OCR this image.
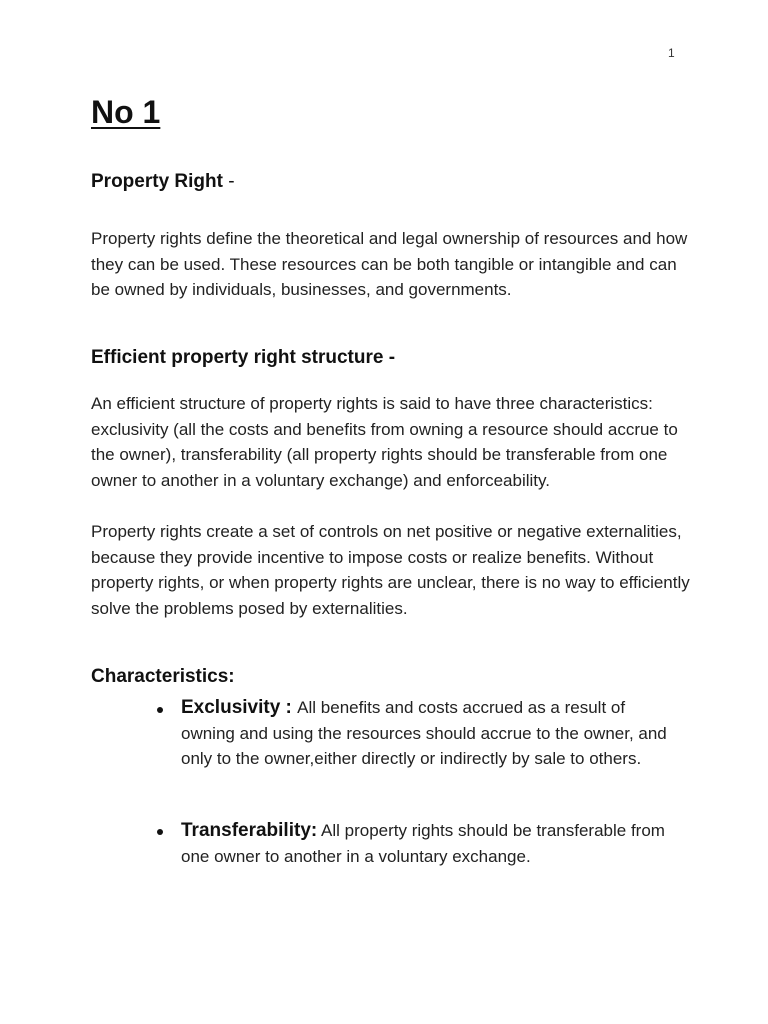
1
No 1
Property Right -

Property rights define the theoretical and legal ownership of resources and how they can be used. These resources can be both tangible or intangible and can be owned by individuals, businesses, and governments.

Efficient property right structure -

An efficient structure of property rights is said to have three characteristics: exclusivity (all the costs and benefits from owning a resource should accrue to the owner), transferability (all property rights should be transferable from one owner to another in a voluntary exchange) and enforceability.

Property rights create a set of controls on net positive or negative externalities, because they provide incentive to impose costs or realize benefits. Without property rights, or when property rights are unclear, there is no way to efficiently solve the problems posed by externalities.

Characteristics:

Exclusivity : All benefits and costs accrued as a result of owning and using the resources should accrue to the owner, and only to the owner,either directly or indirectly by sale to others.

Transferability: All property rights should be transferable from one owner to another in a voluntary exchange.
